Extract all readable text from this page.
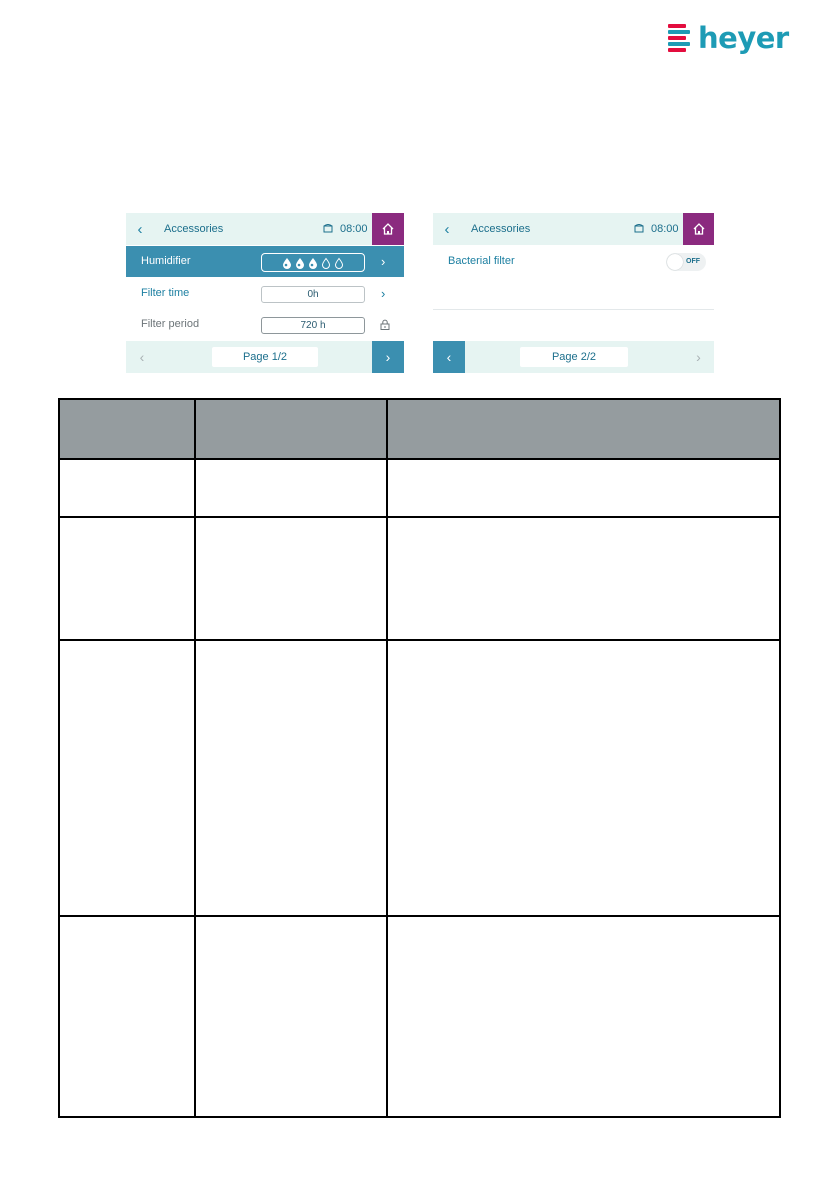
heyer
‹	Accessories	08:00
Humidifier	›
Filter time	0h	›
Filter period	720 h
‹	Page 1/2	›
‹	Accessories	08:00
Bacterial filter	OFF
‹	Page 2/2	›
